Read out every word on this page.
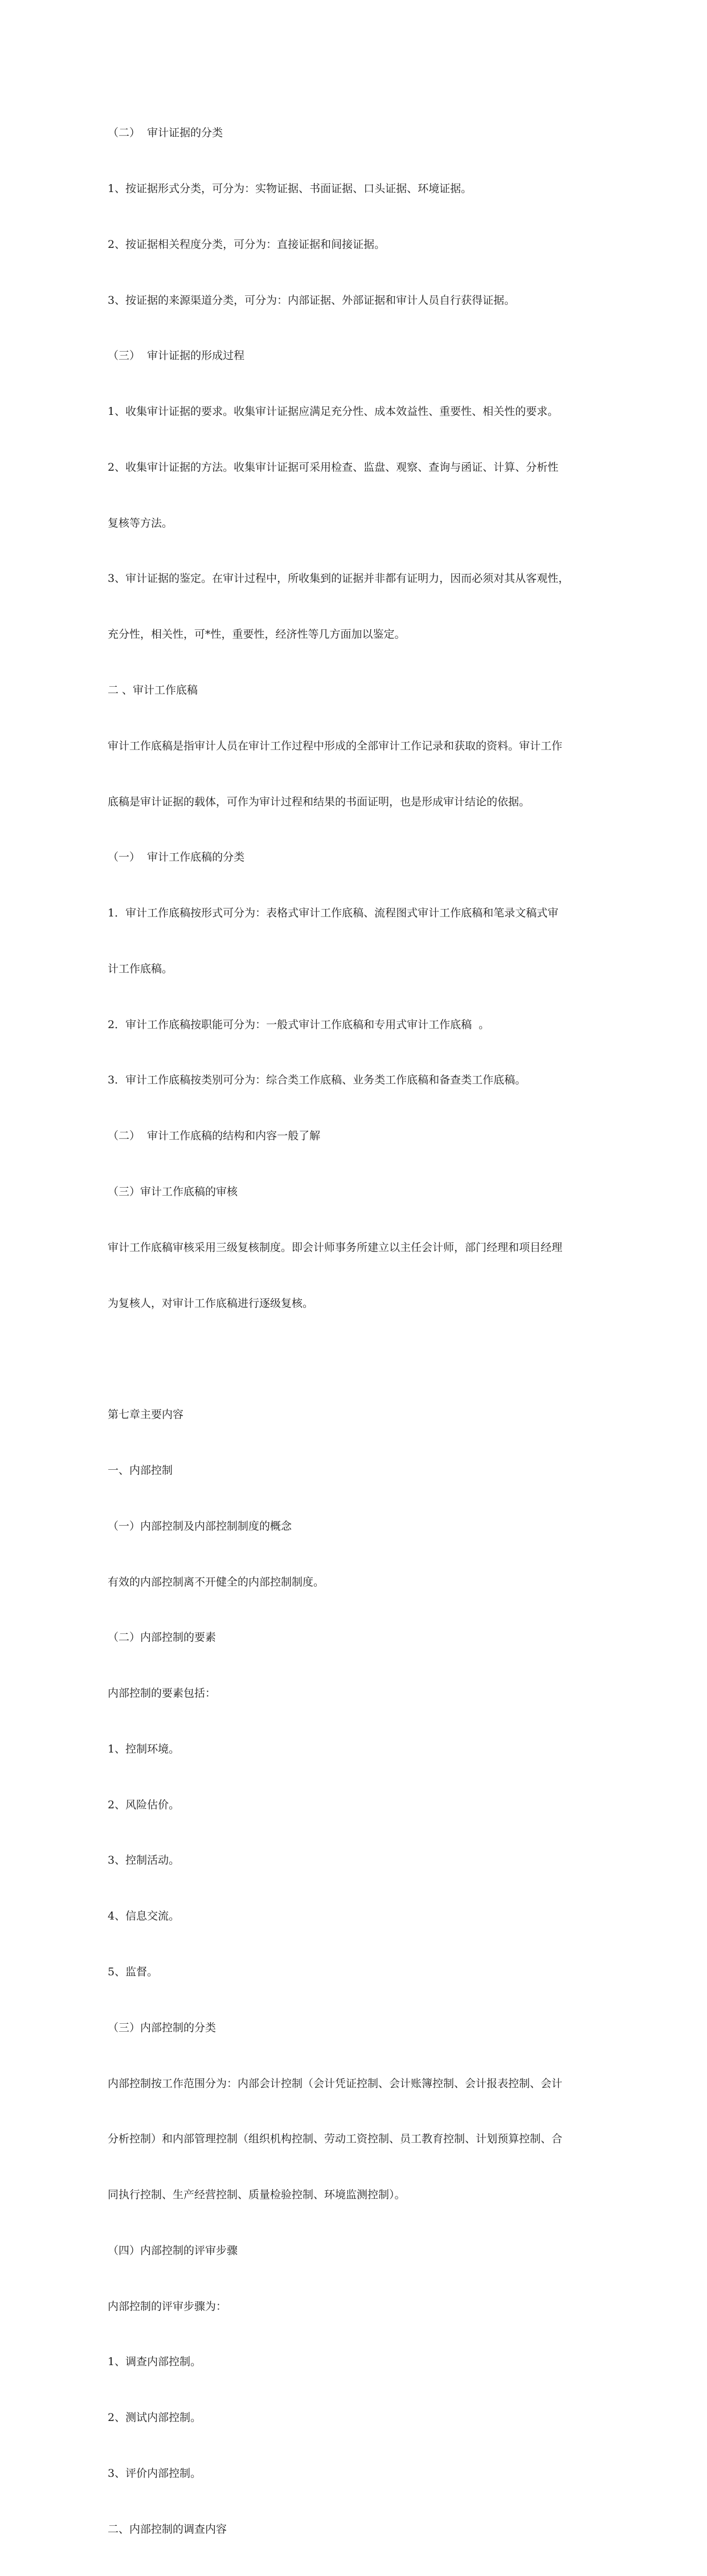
（二）  审计证据的分类

1、按证据形式分类，可分为：实物证据、书面证据、口头证据、环境证据。

2、按证据相关程度分类，可分为：直接证据和间接证据。

3、按证据的来源渠道分类，可分为：内部证据、外部证据和审计人员自行获得证据。

（三）  审计证据的形成过程

1、收集审计证据的要求。收集审计证据应满足充分性、成本效益性、重要性、相关性的要求。

2、收集审计证据的方法。收集审计证据可采用检查、监盘、观察、查询与函证、计算、分析性

复核等方法。

3、审计证据的鉴定。在审计过程中，所收集到的证据并非都有证明力，因而必须对其从客观性，

充分性，相关性，可*性，重要性，经济性等几方面加以鉴定。

二 、审计工作底稿

审计工作底稿是指审计人员在审计工作过程中形成的全部审计工作记录和获取的资料。审计工作

底稿是审计证据的载体，可作为审计过程和结果的书面证明，也是形成审计结论的依据。

（一）  审计工作底稿的分类

1．审计工作底稿按形式可分为：表格式审计工作底稿、流程图式审计工作底稿和笔录文稿式审

计工作底稿。

2．审计工作底稿按职能可分为：一般式审计工作底稿和专用式审计工作底稿  。

3．审计工作底稿按类别可分为：综合类工作底稿、业务类工作底稿和备查类工作底稿。

（二）  审计工作底稿的结构和内容一般了解

（三）审计工作底稿的审核

审计工作底稿审核采用三级复核制度。即会计师事务所建立以主任会计师，部门经理和项目经理

为复核人，对审计工作底稿进行逐级复核。

第七章主要内容

一、内部控制

（一）内部控制及内部控制制度的概念

有效的内部控制离不开健全的内部控制制度。

（二）内部控制的要素

内部控制的要素包括：

1、控制环境。

2、风险估价。

3、控制活动。

4、信息交流。

5、监督。

（三）内部控制的分类

内部控制按工作范围分为：内部会计控制（会计凭证控制、会计账簿控制、会计报表控制、会计

分析控制）和内部管理控制（组织机构控制、劳动工资控制、员工教育控制、计划预算控制、合

同执行控制、生产经营控制、质量检验控制、环境监测控制）。

（四）内部控制的评审步骤

内部控制的评审步骤为：

1、调查内部控制。

2、测试内部控制。

3、评价内部控制。

二、内部控制的调查内容
